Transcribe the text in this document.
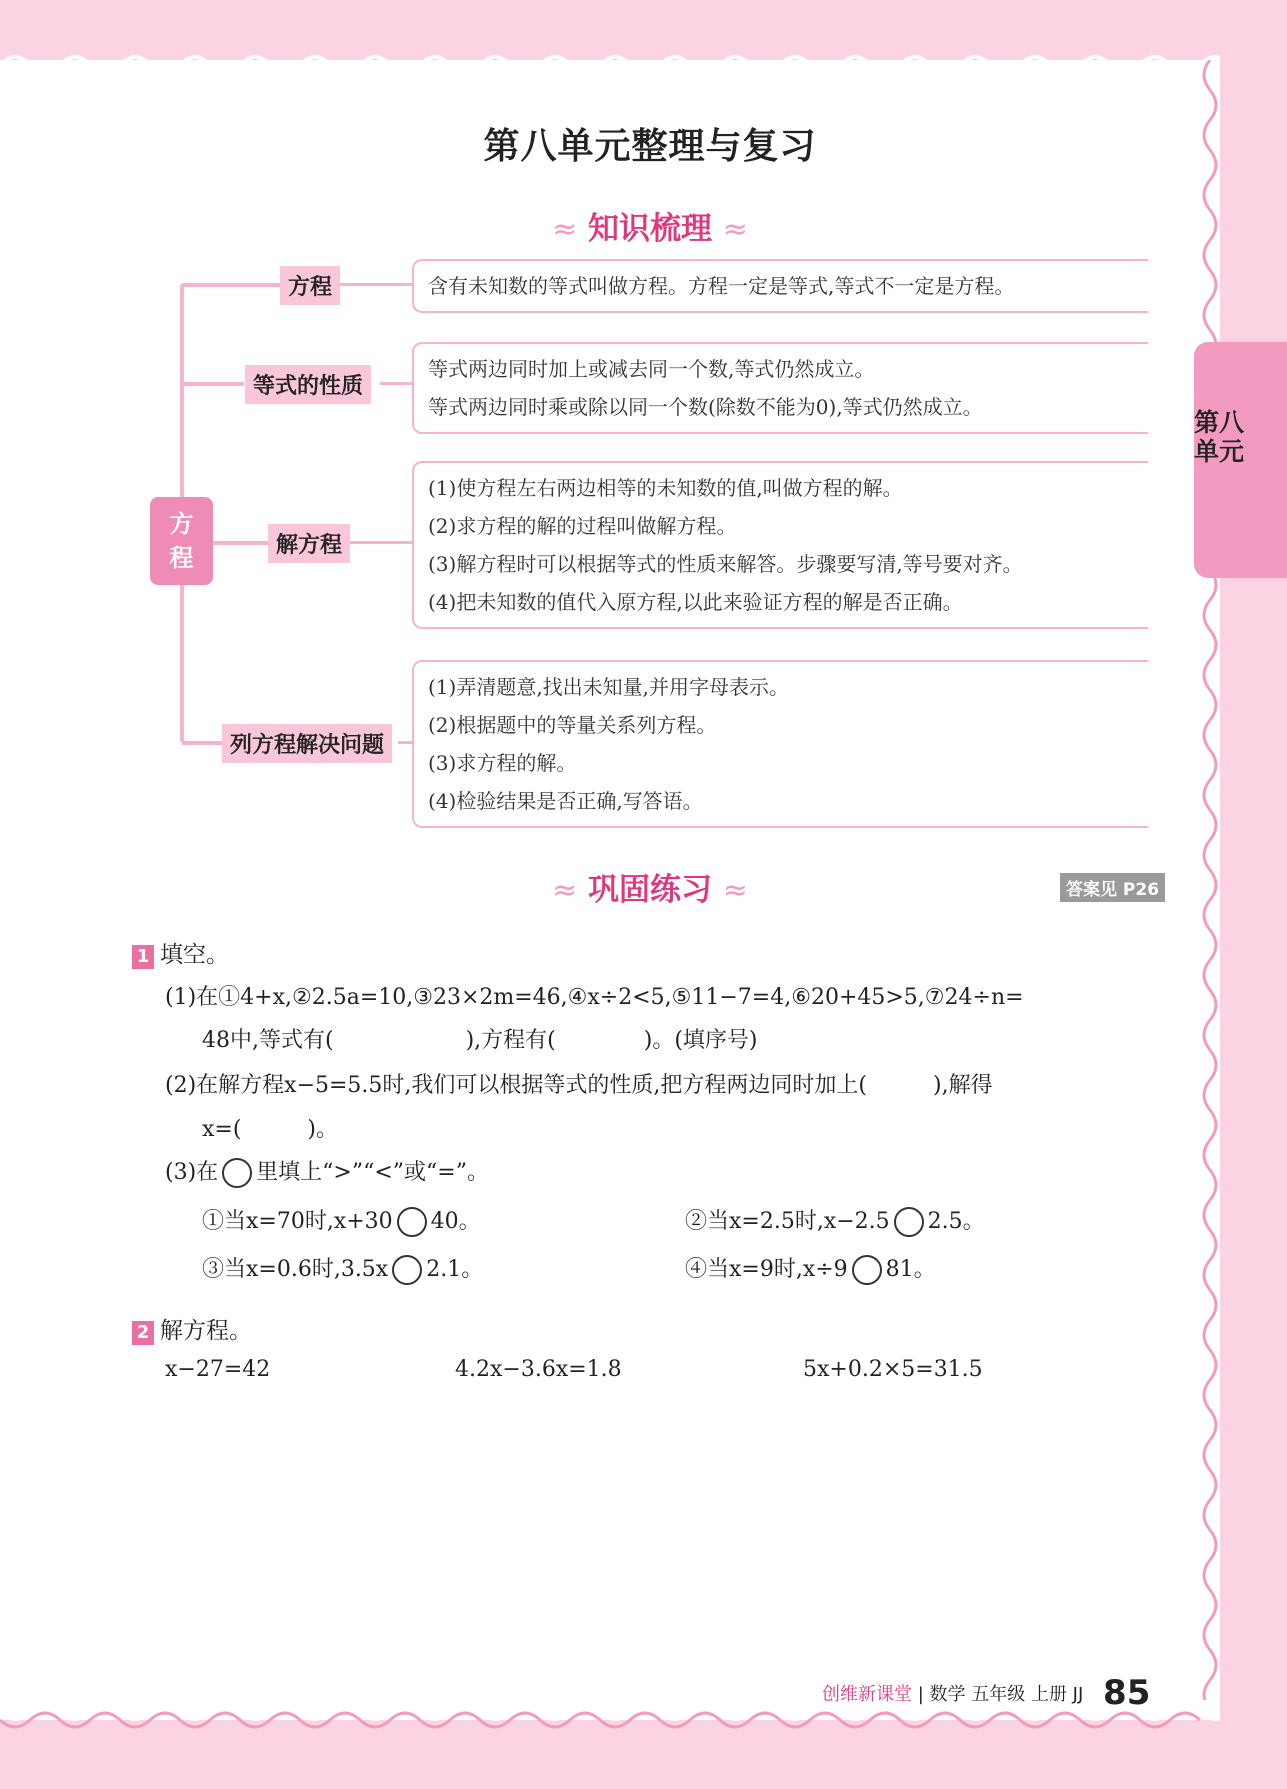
第八单元
第八单元整理与复习
≈ 知识梳理 ≈
方程
方程
等式的性质
解方程
列方程解决问题

含有未知数的等式叫做方程。方程一定是等式,等式不一定是方程。

等式两边同时加上或减去同一个数,等式仍然成立。

等式两边同时乘或除以同一个数(除数不能为0),等式仍然成立。

(1)使方程左右两边相等的未知数的值,叫做方程的解。

(2)求方程的解的过程叫做解方程。

(3)解方程时可以根据等式的性质来解答。步骤要写清,等号要对齐。

(4)把未知数的值代入原方程,以此来验证方程的解是否正确。

(1)弄清题意,找出未知量,并用字母表示。

(2)根据题中的等量关系列方程。

(3)求方程的解。

(4)检验结果是否正确,写答语。

≈ 巩固练习 ≈	答案见 P26
1 填空。
(1)在①4+x,②2.5a=10,③23×2m=46,④x÷2<5,⑤11−7=4,⑥20+45>5,⑦24÷n=
48中,等式有(　　　　　　),方程有(　　　　)。(填序号)
(2)在解方程x−5=5.5时,我们可以根据等式的性质,把方程两边同时加上(　　　),解得
x=(　　　)。
(3)在 里填上“>”“<”或“=”。
①当x=70时,x+30 40。	②当x=2.5时,x−2.5 2.5。
③当x=0.6时,3.5x 2.1。	④当x=9时,x÷9 81。
2 解方程。
x−27=42	4.2x−3.6x=1.8	5x+0.2×5=31.5
创维新课堂 | 数学 五年级 上册 JJ 85
